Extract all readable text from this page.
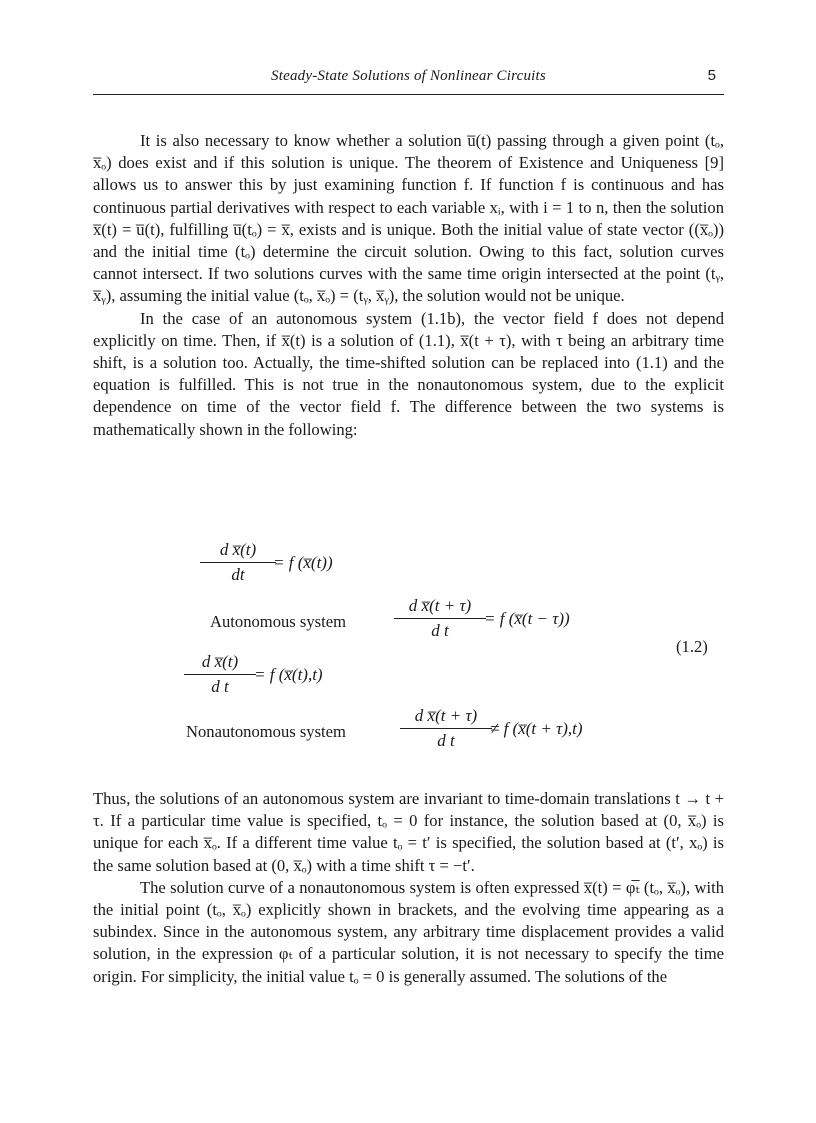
Steady-State Solutions of Nonlinear Circuits	5

It is also necessary to know whether a solution u̅(t) passing through a given point (tₒ, x̅ₒ) does exist and if this solution is unique. The theorem of Existence and Uniqueness [9] allows us to answer this by just examining function f. If function f is continuous and has continuous partial derivatives with respect to each variable xᵢ, with i = 1 to n, then the solution x̅(t) = u̅(t), fulfilling u̅(tₒ) = x̅, exists and is unique. Both the initial value of state vector ((x̅ₒ)) and the initial time (tₒ) determine the circuit solution. Owing to this fact, solution curves cannot intersect. If two solutions curves with the same time origin intersected at the point (tᵧ, x̅ᵧ), assuming the initial value (tₒ, x̅ₒ) = (tᵧ, x̅ᵧ), the solution would not be unique.

In the case of an autonomous system (1.1b), the vector field f does not depend explicitly on time. Then, if x̅(t) is a solution of (1.1), x̅(t + τ), with τ being an arbitrary time shift, is a solution too. Actually, the time-shifted solution can be replaced into (1.1) and the equation is fulfilled. This is not true in the nonautonomous system, due to the explicit dependence on time of the vector field f. The difference between the two systems is mathematically shown in the following:

d x̅(t)
dt
= f (x̅(t))
Autonomous system
d x̅(t + τ)
d t
= f (x̅(t − τ))
(1.2)
d x̅(t)
d t
= f (x̅(t),t)
Nonautonomous system
d x̅(t + τ)
d t
≠ f (x̅(t + τ),t)

Thus, the solutions of an autonomous system are invariant to time-domain translations t → t + τ. If a particular time value is specified, tₒ = 0 for instance, the solution based at (0, x̅ₒ) is unique for each x̅ₒ. If a different time value tₒ = t′ is specified, the solution based at (t′, xₒ) is the same solution based at (0, x̅ₒ) with a time shift τ = −t′.

The solution curve of a nonautonomous system is often expressed x̅(t) = φ̅ₜ (tₒ, x̅ₒ), with the initial point (tₒ, x̅ₒ) explicitly shown in brackets, and the evolving time appearing as a subindex. Since in the autonomous system, any arbitrary time displacement provides a valid solution, in the expression φₜ of a particular solution, it is not necessary to specify the time origin. For simplicity, the initial value tₒ = 0 is generally assumed. The solutions of the
